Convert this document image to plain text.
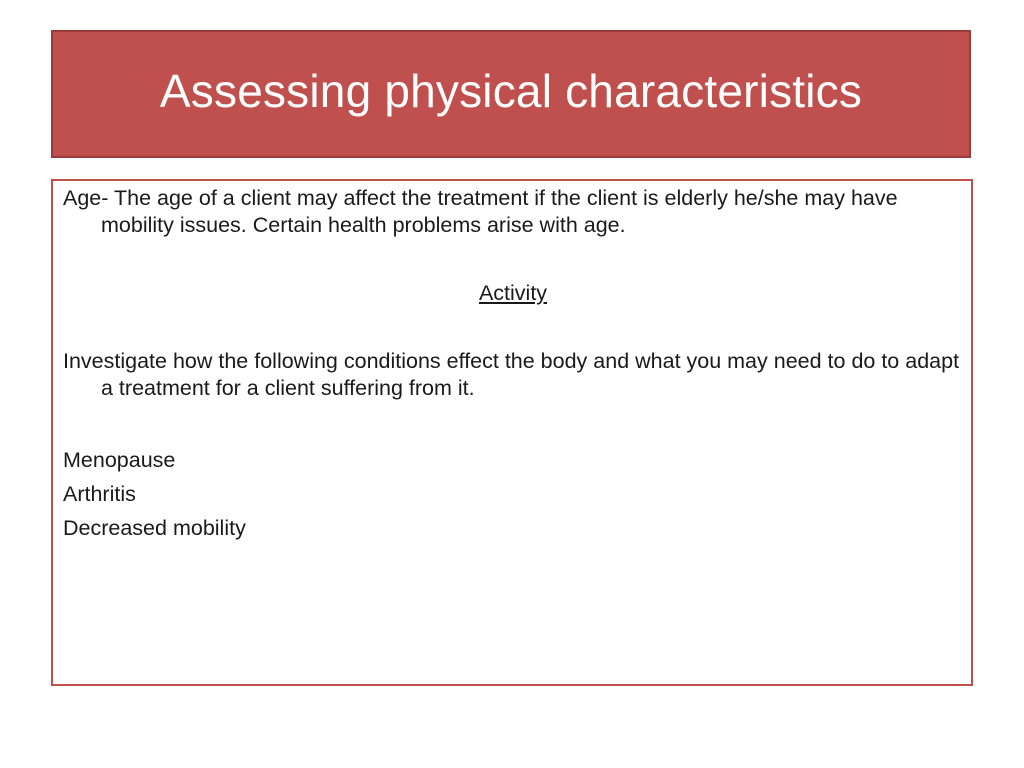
Assessing physical characteristics

Age- The age of a client may affect the treatment if the client is elderly he/she may have mobility issues. Certain health problems arise with age.

Activity

Investigate how the following conditions effect the body and what you may need to do to adapt a treatment for a client suffering from it.

Menopause

Arthritis

Decreased mobility
